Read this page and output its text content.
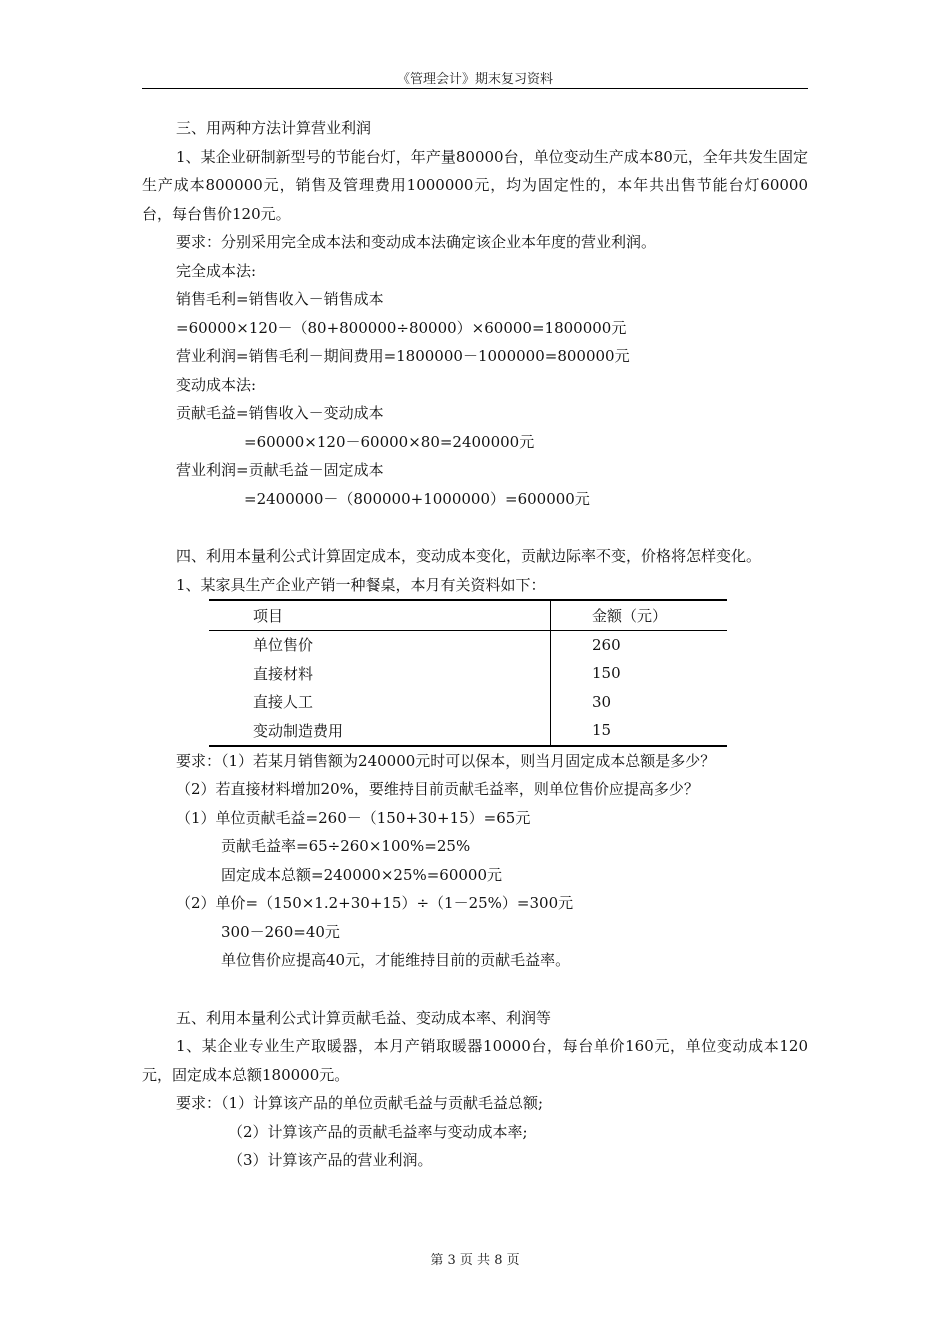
《管理会计》期末复习资料

三、用两种方法计算营业利润

1、某企业研制新型号的节能台灯，年产量80000台，单位变动生产成本80元，全年共发生固定生产成本800000元，销售及管理费用1000000元，均为固定性的，本年共出售节能台灯60000台，每台售价120元。

要求：分别采用完全成本法和变动成本法确定该企业本年度的营业利润。

完全成本法:

销售毛利=销售收入－销售成本

=60000×120－（80+800000÷80000）×60000=1800000元

营业利润=销售毛利－期间费用=1800000－1000000=800000元

变动成本法:

贡献毛益=销售收入－变动成本

=60000×120－60000×80=2400000元

营业利润=贡献毛益－固定成本

=2400000－（800000+1000000）=600000元

四、利用本量利公式计算固定成本，变动成本变化，贡献边际率不变，价格将怎样变化。

1、某家具生产企业产销一种餐桌，本月有关资料如下：

项目	金额（元）
单位售价	260
直接材料	150
直接人工	30
变动制造费用	15

要求：（1）若某月销售额为240000元时可以保本，则当月固定成本总额是多少？

（2）若直接材料增加20%，要维持目前贡献毛益率，则单位售价应提高多少？

（1）单位贡献毛益=260－（150+30+15）=65元

贡献毛益率=65÷260×100%=25%

固定成本总额=240000×25%=60000元

（2）单价=（150×1.2+30+15）÷（1－25%）=300元

300－260=40元

单位售价应提高40元，才能维持目前的贡献毛益率。

五、利用本量利公式计算贡献毛益、变动成本率、利润等

1、某企业专业生产取暖器，本月产销取暖器10000台，每台单价160元，单位变动成本120元，固定成本总额180000元。

要求：（1）计算该产品的单位贡献毛益与贡献毛益总额;

（2）计算该产品的贡献毛益率与变动成本率;

（3）计算该产品的营业利润。

第 3 页 共 8 页
